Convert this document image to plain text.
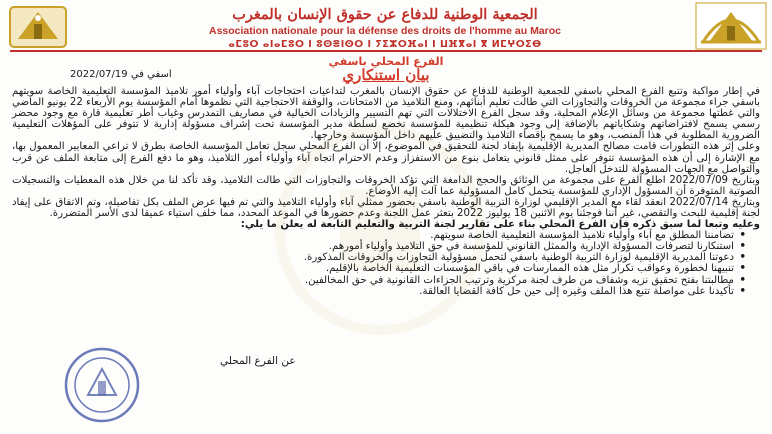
الجمعية الوطنية للدفاع عن حقوق الإنسان بالمغرب
Association nationale pour la défense des droits de l'homme au Maroc
ⴰⵎⵓⵔ ⴰⵏⴰⵎⵓⵔ ⵏ ⵓⵙⴻⵏⵙⵔ ⵏ ⵢⵉⵣⵔⴼⴰⵏ ⵏ ⵡⴼⴳⴰⵏ ⴳ ⵍⵎⵖⵔⵉⴱ
الفرع المحلي باسفي
بيان استنكاري
اسفي في 2022/07/19

في إطار مواكبة وتتبع الفرع المحلي باسفي للجمعية الوطنية للدفاع عن حقوق الإنسان بالمغرب لتداعيات احتجاجات آباء وأولياء أمور تلاميذ المؤسسة التعليمية الخاصة سويتهم باسفي جراء مجموعة من الخروقات والتجاوزات التي طالت تعليم أبنائهم، ومنع التلاميذ من الامتحانات، والوقفة الاحتجاجية التي نظموها أمام المؤسسة يوم الأربعاء 22 يونيو الماضي والتي غطتها مجموعة من وسائل الإعلام المحلية، وقد سجل الفرع الاختلالات التي تهم التسيير والزيادات الخيالية في مصاريف التمدرس وغياب أطر تعليمية قارة مع وجود محضر رسمي يسمح لافتراضاتهم وشكاياتهم بالإضافة إلى وجود هيكلة تنظيمية للمؤسسة تخضع لسلطة مدير المؤسسة تحت إشراف مسؤولة إدارية لا تتوفر على المؤهلات التعليمية الضرورية المطلوبة في هذا المنصب، وهو ما يسمح بإقصاء التلاميذ والتضييق عليهم داخل المؤسسة وخارجها.

وعلى إثر هذه التطورات قامت مصالح المديرية الإقليمية بإيفاد لجنة للتحقيق في الموضوع، إلا أن الفرع المحلي سجل تعامل المؤسسة الخاصة بطرق لا تراعي المعايير المعمول بها، مع الإشارة إلى أن هذه المؤسسة تتوفر على ممثل قانوني يتعامل بنوع من الاستفزاز وعدم الاحترام اتجاه آباء وأولياء أمور التلاميذ، وهو ما دفع الفرع إلى متابعة الملف عن قرب والتواصل مع الجهات المسؤولة للتدخل العاجل.

وبتاريخ 2022/07/09 اطلع الفرع على مجموعة من الوثائق والحجج الدامغة التي تؤكد الخروقات والتجاوزات التي طالت التلاميذ، وقد تأكد لنا من خلال هذه المعطيات والتسجيلات الصوتية المتوفرة أن المسؤول الإداري للمؤسسة يتحمل كامل المسؤولية عما آلت إليه الأوضاع.

وبتاريخ 2022/07/14 انعقد لقاء مع المدير الإقليمي لوزارة التربية الوطنية باسفي بحضور ممثلي آباء وأولياء التلاميذ والتي تم فيها عرض الملف بكل تفاصيله، وتم الاتفاق على إيفاد لجنة إقليمية للبحث والتقصي، غير أننا فوجئنا يوم الاثنين 18 يوليوز 2022 بتعثر عمل اللجنة وعدم حضورها في الموعد المحدد، مما خلف استياء عميقا لدى الأسر المتضررة.

وعليه وتبعا لما سبق ذكره فإن الفرع المحلي بناء على تقارير لجنة التربية والتعليم التابعة له يعلن ما يلي:

• تضامننا المطلق مع آباء وأولياء تلاميذ المؤسسة التعليمية الخاصة سويتهم.
• استنكارنا لتصرفات المسؤولة الإدارية والممثل القانوني للمؤسسة في حق التلاميذ وأولياء أمورهم.
• دعوتنا المديرية الإقليمية لوزارة التربية الوطنية باسفي لتحمل مسؤولية التجاوزات والخروقات المذكورة.
• تنبيهنا لخطورة وعواقب تكرار مثل هذه الممارسات في باقي المؤسسات التعليمية الخاصة بالإقليم.
• مطالبتنا بفتح تحقيق نزيه وشفاف من طرف لجنة مركزية وترتيب الجزاءات القانونية في حق المخالفين.
• تأكيدنا على مواصلة تتبع هذا الملف وغيره إلى حين حل كافة القضايا العالقة.
عن الفرع المحلي
